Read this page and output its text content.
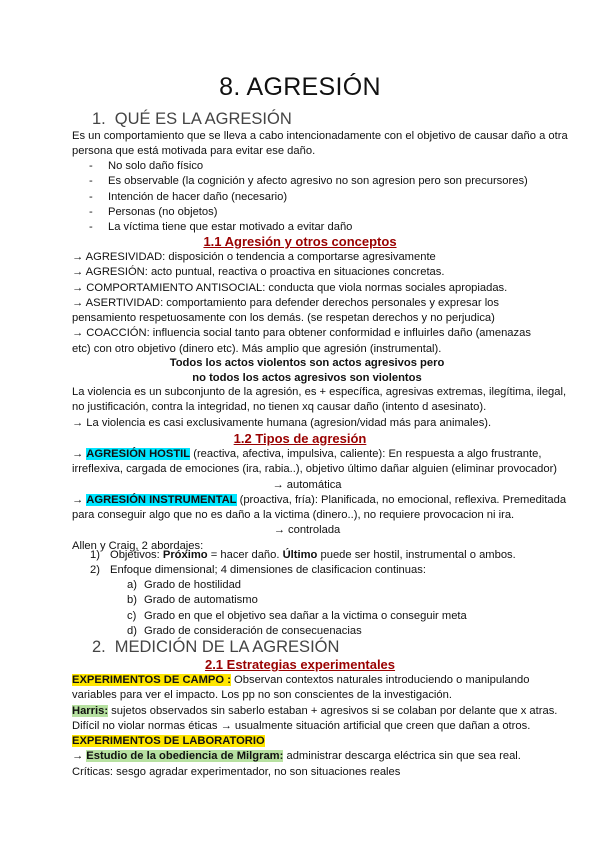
8. AGRESIÓN
1. QUÉ ES LA AGRESIÓN
Es un comportamiento que se lleva a cabo intencionadamente con el objetivo de causar daño a otra
persona que está motivada para evitar ese daño.
- No solo daño físico
- Es observable (la cognición y afecto agresivo no son agresion pero son precursores)
- Intención de hacer daño (necesario)
- Personas (no objetos)
- La víctima tiene que estar motivado a evitar daño
1.1 Agresión y otros conceptos
→ AGRESIVIDAD: disposición o tendencia a comportarse agresivamente
→ AGRESIÓN: acto puntual, reactiva o proactiva en situaciones concretas.
→ COMPORTAMIENTO ANTISOCIAL: conducta que viola normas sociales apropiadas.
→ ASERTIVIDAD: comportamiento para defender derechos personales y expresar los
pensamiento respetuosamente con los demás. (se respetan derechos y no perjudica)
→ COACCIÓN: influencia social tanto para obtener conformidad e influirles daño (amenazas
etc) con otro objetivo (dinero etc). Más amplio que agresión (instrumental).
Todos los actos violentos son actos agresivos pero
no todos los actos agresivos son violentos
La violencia es un subconjunto de la agresión, es + específica, agresivas extremas, ilegítima, ilegal,
no justificación, contra la integridad, no tienen xq causar daño (intento d asesinato).
→ La violencia es casi exclusivamente humana (agresion/vidad más para animales).
1.2 Tipos de agresión
→ AGRESIÓN HOSTIL (reactiva, afectiva, impulsiva, caliente): En respuesta a algo frustrante,
irreflexiva, cargada de emociones (ira, rabia..), objetivo último dañar alguien (eliminar provocador)
→ automática
→ AGRESIÓN INSTRUMENTAL (proactiva, fría): Planificada, no emocional, reflexiva. Premeditada
para conseguir algo que no es daño a la victima (dinero..), no requiere provocacion ni ira.
→ controlada
Allen y Craig, 2 abordajes:
1) Objetivos: Próximo = hacer daño. Último puede ser hostil, instrumental o ambos.
2) Enfoque dimensional; 4 dimensiones de clasificacion continuas:
a) Grado de hostilidad
b) Grado de automatismo
c) Grado en que el objetivo sea dañar a la victima o conseguir meta
d) Grado de consideración de consecuenacias
2. MEDICIÓN DE LA AGRESIÓN
2.1 Estrategias experimentales
EXPERIMENTOS DE CAMPO : Observan contextos naturales introduciendo o manipulando
variables para ver el impacto. Los pp no son conscientes de la investigación.
Harris: sujetos observados sin saberlo estaban + agresivos si se colaban por delante que x atras.
Difícil no violar normas éticas → usualmente situación artificial que creen que dañan a otros.
EXPERIMENTOS DE LABORATORIO
→ Estudio de la obediencia de Milgram: administrar descarga eléctrica sin que sea real.
Críticas: sesgo agradar experimentador, no son situaciones reales
